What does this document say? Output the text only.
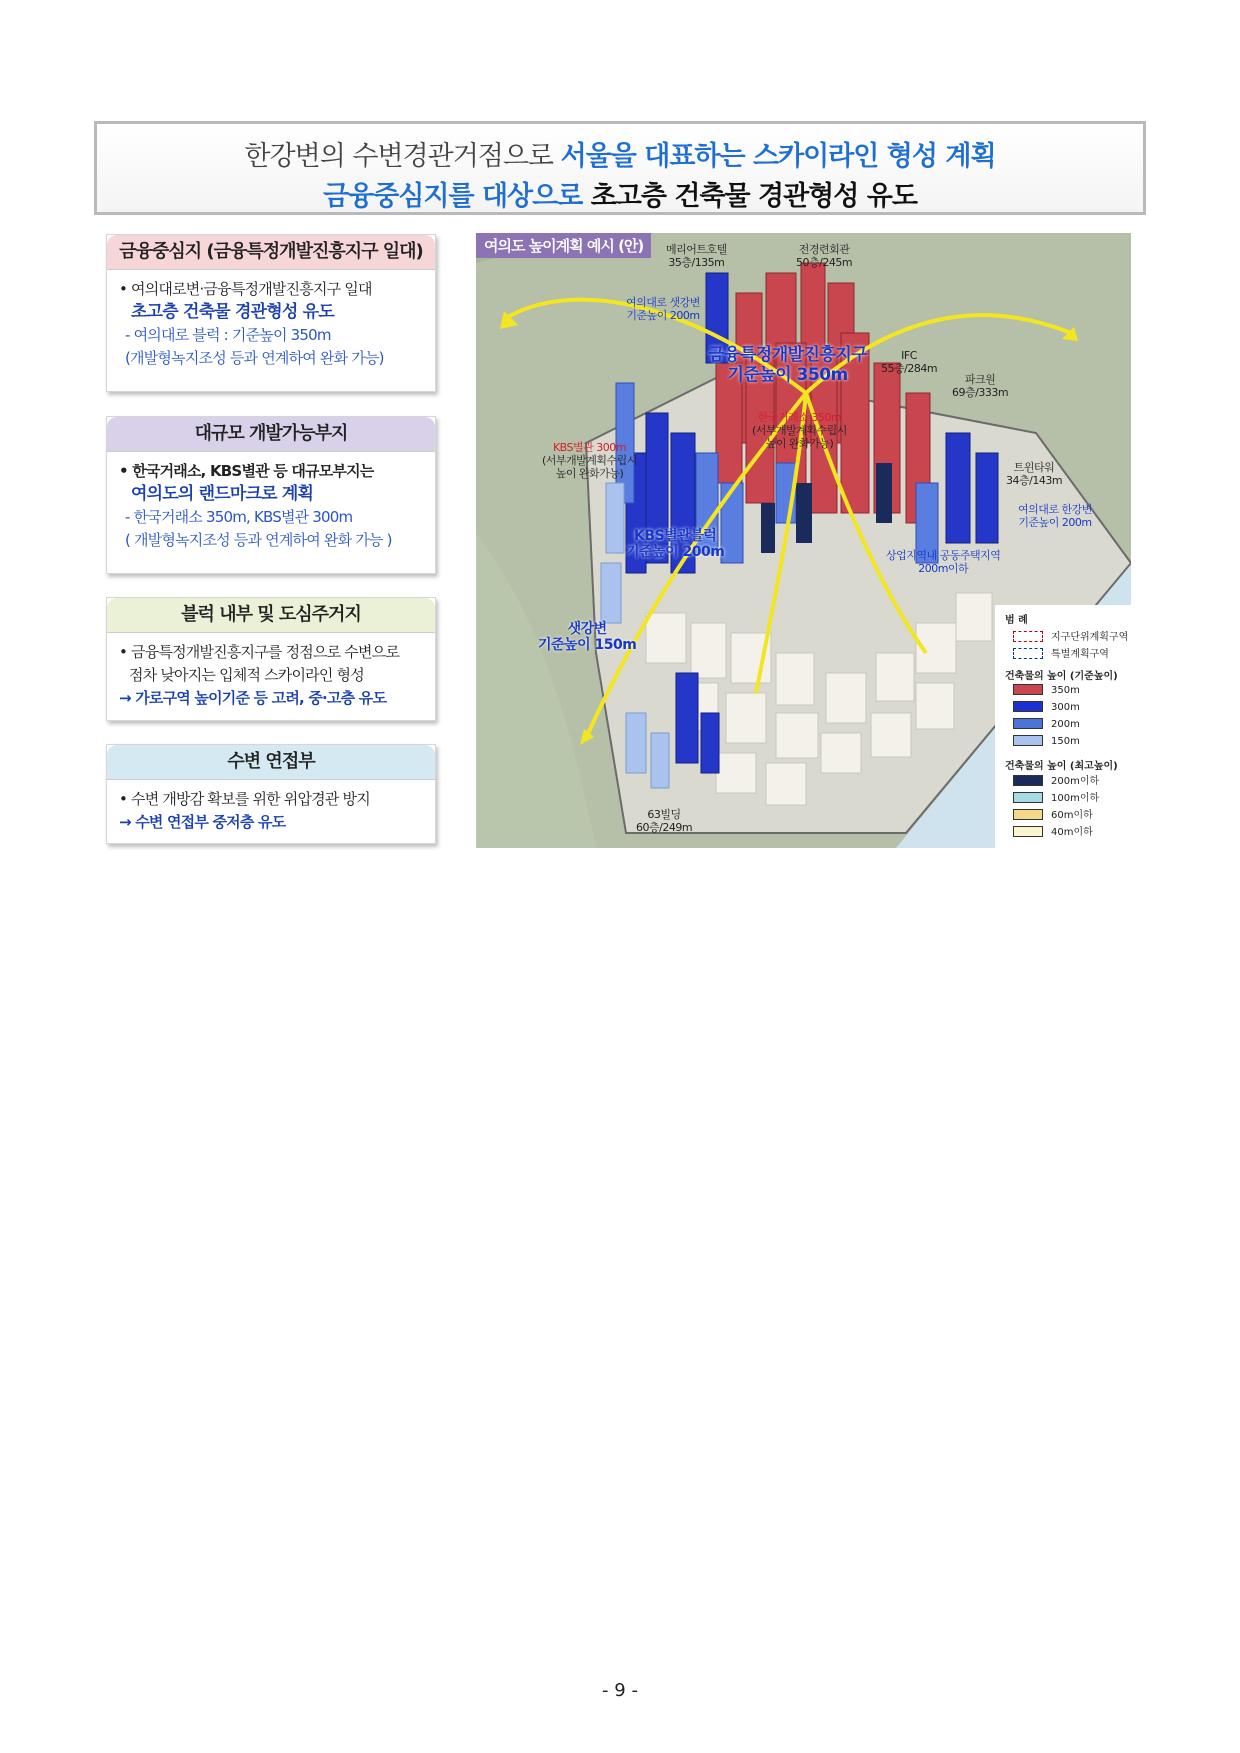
한강변의 수변경관거점으로 서울을 대표하는 스카이라인 형성 계획
금융중심지를 대상으로 초고층 건축물 경관형성 유도
금융중심지 (금융특정개발진흥지구 일대)
• 여의대로변·금융특정개발진흥지구 일대
초고층 건축물 경관형성 유도
- 여의대로 블럭 : 기준높이 350m
(개발형녹지조성 등과 연계하여 완화 가능)
대규모 개발가능부지
• 한국거래소, KBS별관 등 대규모부지는
여의도의 랜드마크로 계획
- 한국거래소 350m, KBS별관 300m
( 개발형녹지조성 등과 연계하여 완화 가능 )
블럭 내부 및 도심주거지
• 금융특정개발진흥지구를 정점으로 수변으로
점차 낮아지는 입체적 스카이라인 형성
→ 가로구역 높이기준 등 고려, 중·고층 유도
수변 연접부
• 수변 개방감 확보를 위한 위압경관 방지
→ 수변 연접부 중저층 유도
여의도 높이계획 예시 (안)	메리어트호텔
35층/135m
전경련회관
50층/245m
여의대로 샛강변
기준높이 200m
금융특정개발진흥지구
기준높이 350m
IFC
55층/284m
파크원
69층/333m
한국거래소 350m
(서부개발계획수립시
높이 완화가능)
KBS별관 300m
(서부개발계획수립시
높이 완화가능)	트윈타워
34층/143m
여의대로 한강변
기준높이 200m
KBS별관블럭
기준높이 200m	상업지역내 공동주택지역
200m이하
샛강변
기준높이 150m
63빌딩
60층/249m
범 례
지구단위계획구역
특별계획구역
건축물의 높이 (기준높이)
350m
300m
200m
150m
건축물의 높이 (최고높이)
200m이하
100m이하
60m이하
40m이하
- 9 -
